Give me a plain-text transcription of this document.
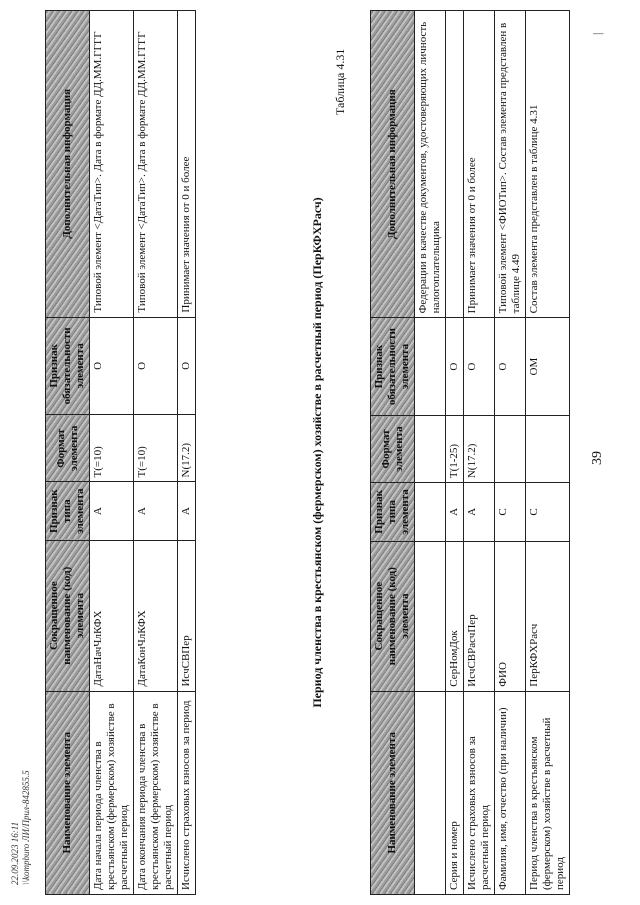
39
|
Наименование элемента	Сокращенное наименование (код) элемента	Признак типа элемента	Формат элемента	Признак обязательности элемента	Дополнительная информация
					Федерации в качестве документов, удостоверяющих личность налогоплательщика
Серия и номер	СерНомДок	А	T(1-25)	О	
Исчислено страховых взносов за расчетный период	ИсчСВРасчПер	А	N(17.2)	О	Принимает значения от 0 и более
Фамилия, имя, отчество (при наличии)	ФИО	С		О	Типовой элемент <ФИОТип>. Состав элемента представлен в таблице 4.49
Период членства в крестьянском (фермерском) хозяйстве в расчетный период	ПерКФХРасч	С		ОМ	Состав элемента представлен в таблице 4.31
Таблица 4.31
Период членства в крестьянском (фермерском) хозяйстве в расчетный период (ПерКФХРасч)
Наименование элемента	Сокращенное наименование (код) элемента	Признак типа элемента	Формат элемента	Признак обязательности элемента	Дополнительная информация
Дата начала периода членства в крестьянском (фермерском) хозяйстве в расчетный период	ДатаНачЧлКФХ	А	T(=10)	О	Типовой элемент <ДатаТип>. Дата в формате ДД.ММ.ГГГГ
Дата окончания периода членства в крестьянском (фермерском) хозяйстве в расчетный период	ДатаКонЧлКФХ	А	T(=10)	О	Типовой элемент <ДатаТип>. Дата в формате ДД.ММ.ГГГГ
Исчислено страховых взносов за период	ИсчСВПер	А	N(17.2)	О	Принимает значения от 0 и более
22.09.2023 16:11 \\kompburo ЛИ/Прил-842855.5
